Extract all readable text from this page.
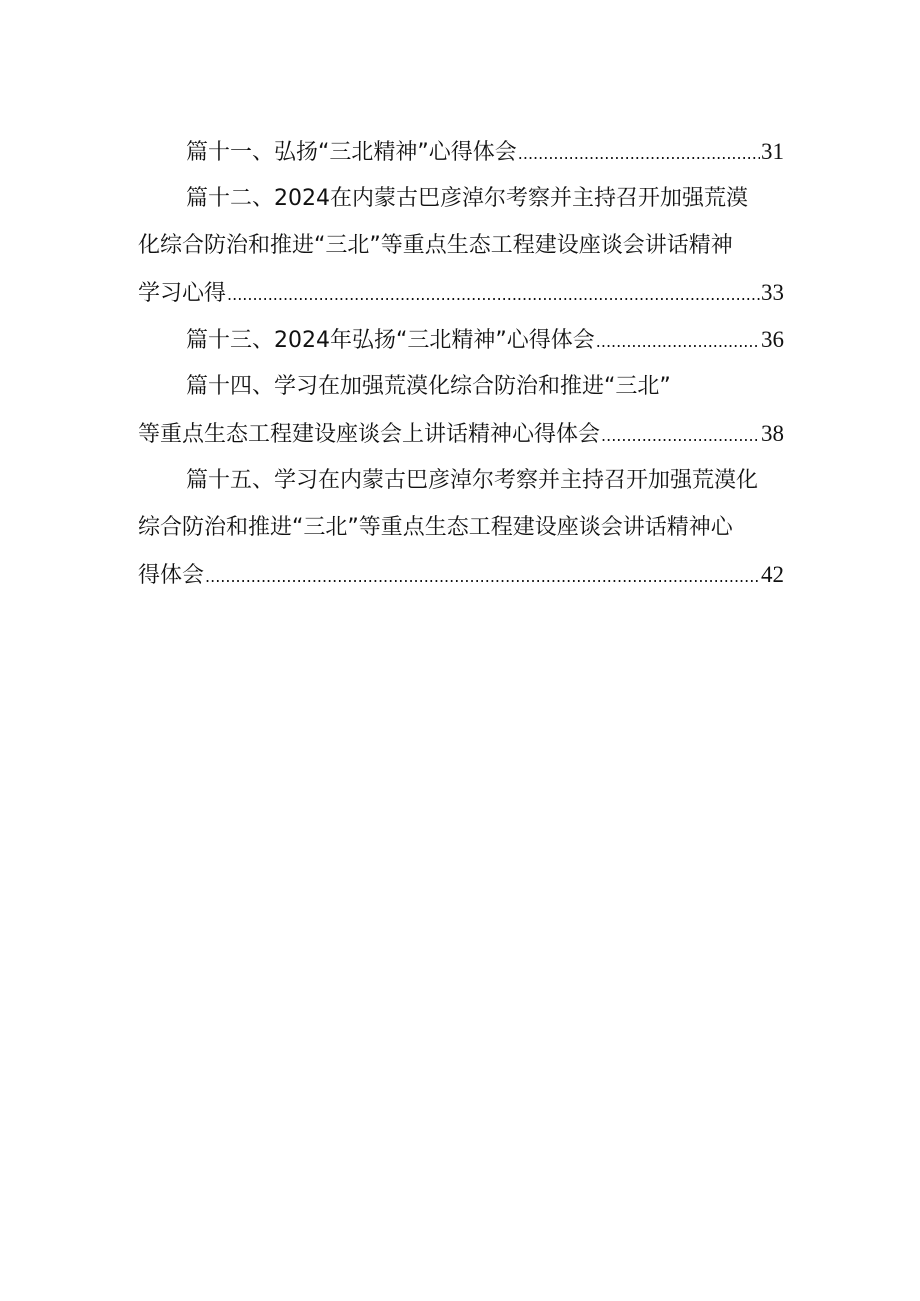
篇十一、弘扬“三北精神”心得体会 .....	31
篇十二、2024在内蒙古巴彦淖尔考察并主持召开加强荒漠
化综合防治和推进“三北”等重点生态工程建设座谈会讲话精神
学习心得 .....	33
篇十三、2024年弘扬“三北精神”心得体会 .....	36
篇十四、学习在加强荒漠化综合防治和推进“三北”
等重点生态工程建设座谈会上讲话精神心得体会 .....	38
篇十五、学习在内蒙古巴彦淖尔考察并主持召开加强荒漠化
综合防治和推进“三北”等重点生态工程建设座谈会讲话精神心
得体会 .....	42
